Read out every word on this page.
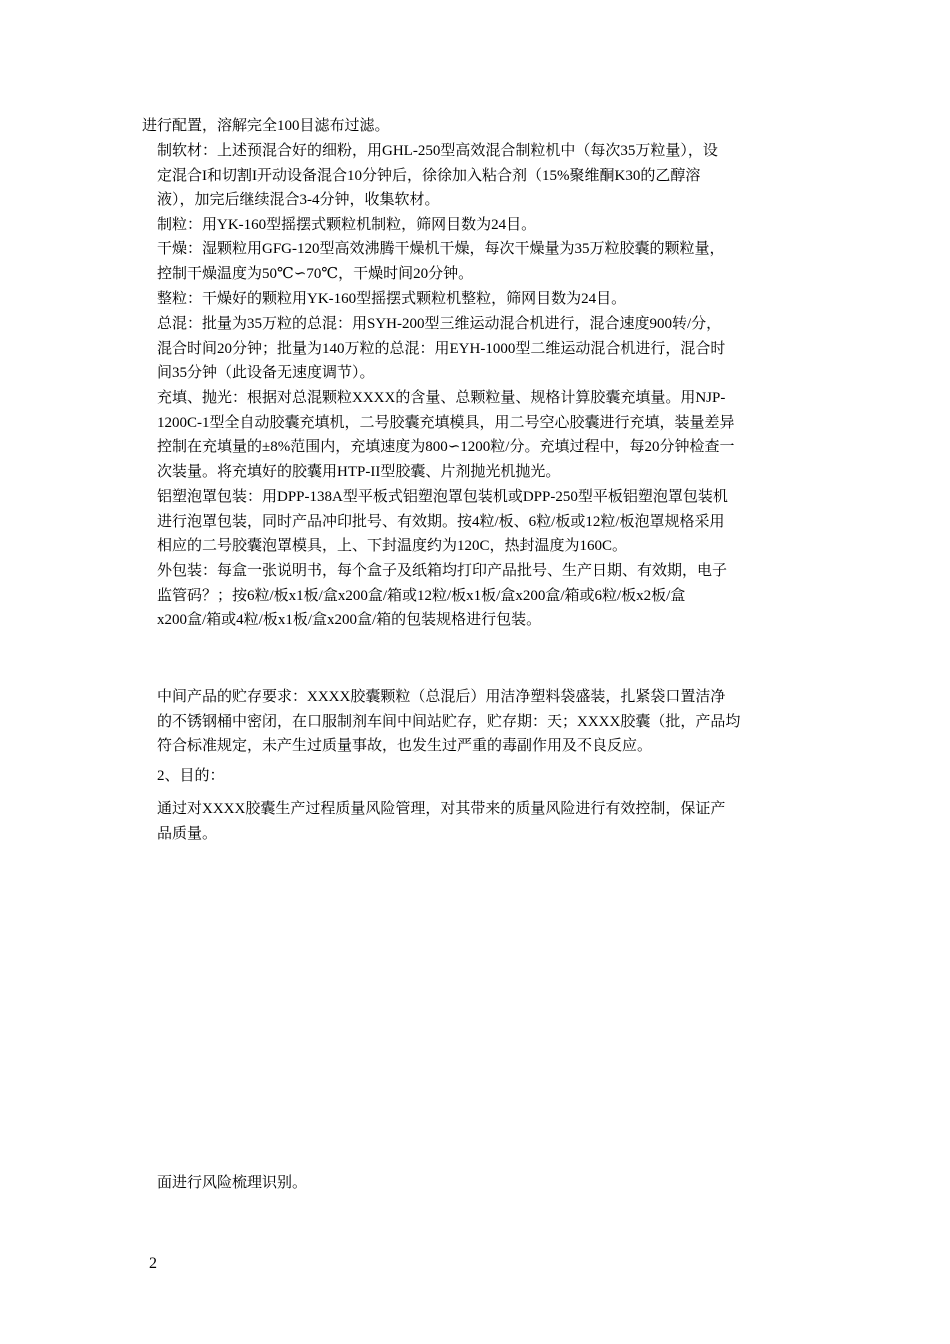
进行配置，溶解完全100目滤布过滤。
制软材：上述预混合好的细粉，用GHL-250型高效混合制粒机中（每次35万粒量），设
定混合I和切割I开动设备混合10分钟后，徐徐加入粘合剂（15%聚维酮K30的乙醇溶
液），加完后继续混合3-4分钟，收集软材。
制粒：用YK-160型摇摆式颗粒机制粒，筛网目数为24目。
干燥：湿颗粒用GFG-120型高效沸腾干燥机干燥，每次干燥量为35万粒胶囊的颗粒量，
控制干燥温度为50℃∽70℃，干燥时间20分钟。
整粒：干燥好的颗粒用YK-160型摇摆式颗粒机整粒，筛网目数为24目。
总混：批量为35万粒的总混：用SYH-200型三维运动混合机进行，混合速度900转/分，
混合时间20分钟；批量为140万粒的总混：用EYH-1000型二维运动混合机进行，混合时
间35分钟（此设备无速度调节）。
充填、抛光：根据对总混颗粒XXXX的含量、总颗粒量、规格计算胶囊充填量。用NJP-
1200C-1型全自动胶囊充填机，二号胶囊充填模具，用二号空心胶囊进行充填，装量差异
控制在充填量的±8%范围内，充填速度为800∽1200粒/分。充填过程中，每20分钟检查一
次装量。将充填好的胶囊用HTP-II型胶囊、片剂抛光机抛光。
铝塑泡罩包装：用DPP-138A型平板式铝塑泡罩包装机或DPP-250型平板铝塑泡罩包装机
进行泡罩包装，同时产品冲印批号、有效期。按4粒/板、6粒/板或12粒/板泡罩规格采用
相应的二号胶囊泡罩模具，上、下封温度约为120C，热封温度为160C。
外包装：每盒一张说明书，每个盒子及纸箱均打印产品批号、生产日期、有效期，电子
监管码？；按6粒/板x1板/盒x200盒/箱或12粒/板x1板/盒x200盒/箱或6粒/板x2板/盒
x200盒/箱或4粒/板x1板/盒x200盒/箱的包装规格进行包装。
中间产品的贮存要求：XXXX胶囊颗粒（总混后）用洁净塑料袋盛装，扎紧袋口置洁净
的不锈钢桶中密闭，在口服制剂车间中间站贮存，贮存期：天；XXXX胶囊（批，产品均
符合标准规定，未产生过质量事故，也发生过严重的毒副作用及不良反应。
2、目的：
通过对XXXX胶囊生产过程质量风险管理，对其带来的质量风险进行有效控制，保证产
品质量。
面进行风险梳理识别。
2
